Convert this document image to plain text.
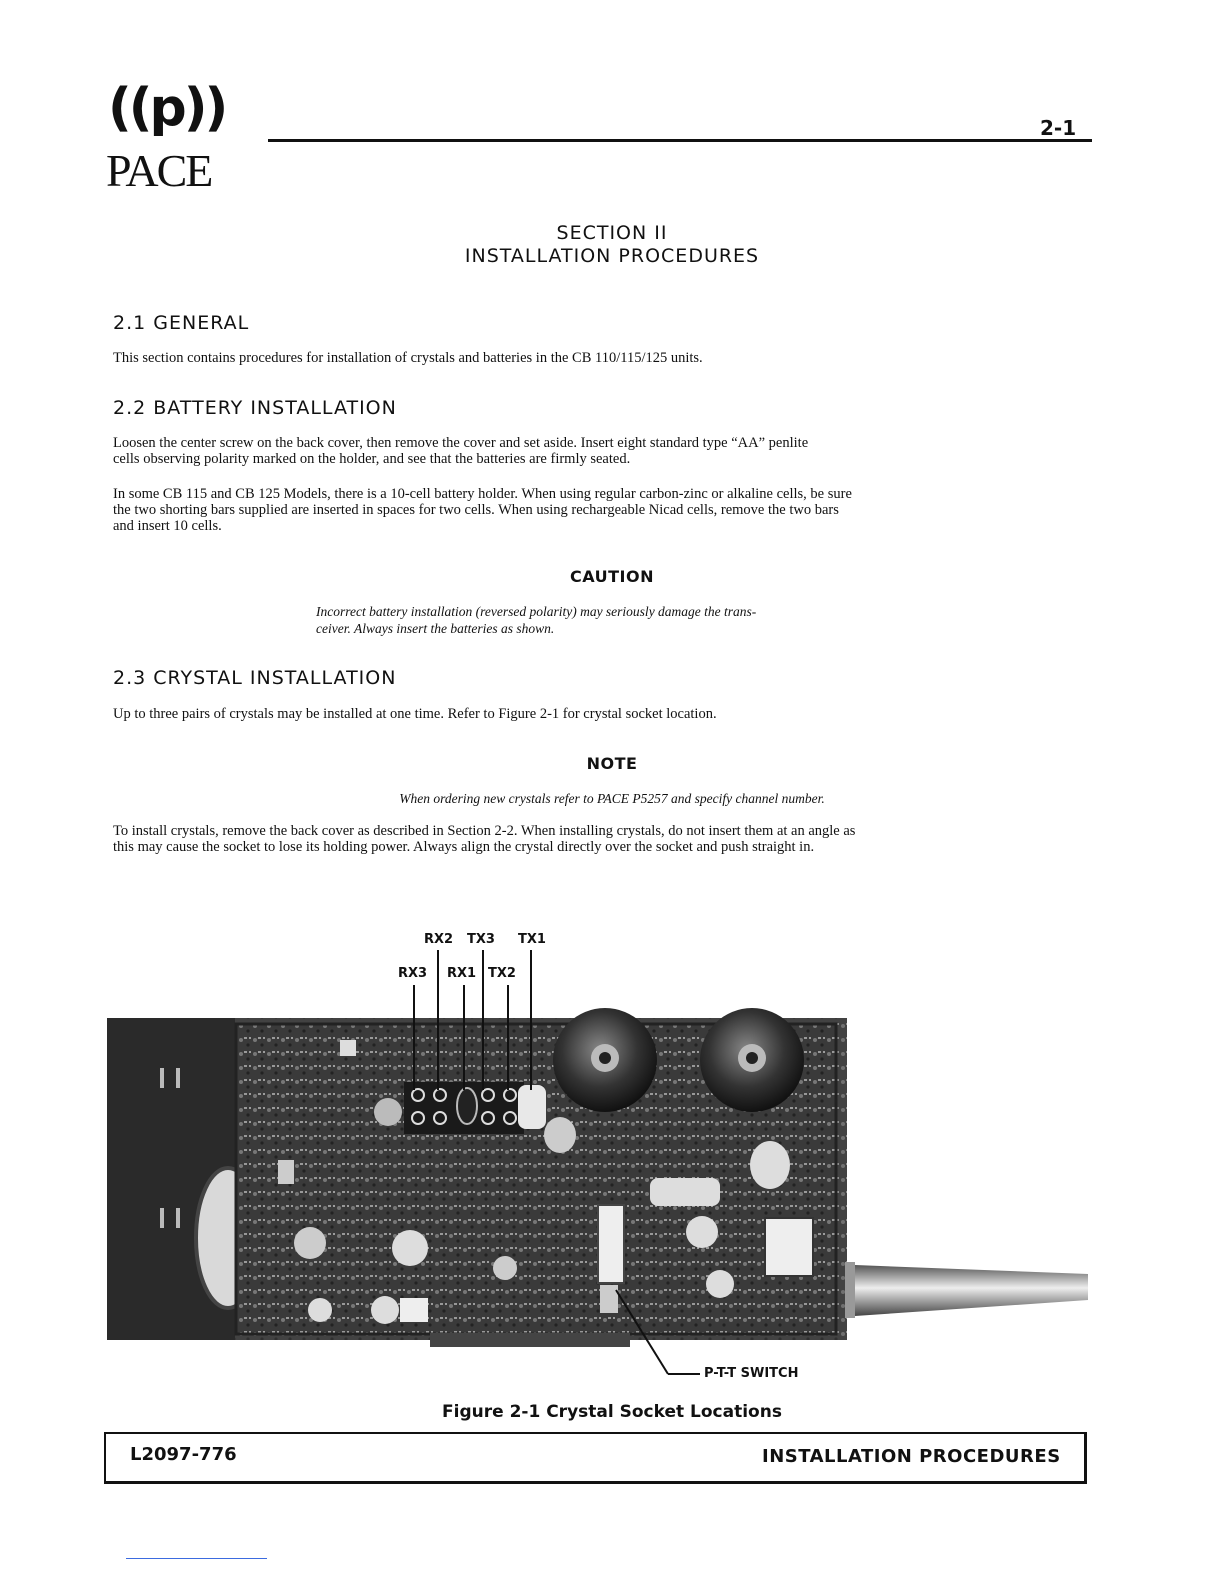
((p))
PACE
2-1
SECTION II
INSTALLATION PROCEDURES
2.1 GENERAL
This section contains procedures for installation of crystals and batteries in the CB 110/115/125 units.
2.2 BATTERY INSTALLATION
Loosen the center screw on the back cover, then remove the cover and set aside. Insert eight standard type “AA” penlite
cells observing polarity marked on the holder, and see that the batteries are firmly seated.
In some CB 115 and CB 125 Models, there is a 10-cell battery holder. When using regular carbon-zinc or alkaline cells, be sure
the two shorting bars supplied are inserted in spaces for two cells. When using rechargeable Nicad cells, remove the two bars
and insert 10 cells.
CAUTION
Incorrect battery installation (reversed polarity) may seriously damage the trans-
ceiver. Always insert the batteries as shown.
2.3 CRYSTAL INSTALLATION
Up to three pairs of crystals may be installed at one time. Refer to Figure 2-1 for crystal socket location.
NOTE
When ordering new crystals refer to PACE P5257 and specify channel number.
To install crystals, remove the back cover as described in Section 2-2. When installing crystals, do not insert them at an angle as
this may cause the socket to lose its holding power. Always align the crystal directly over the socket and push straight in.
RX2 TX3 TX1
RX3 RX1 TX2
P-T-T SWITCH
Figure 2-1 Crystal Socket Locations
L2097-776	INSTALLATION PROCEDURES
